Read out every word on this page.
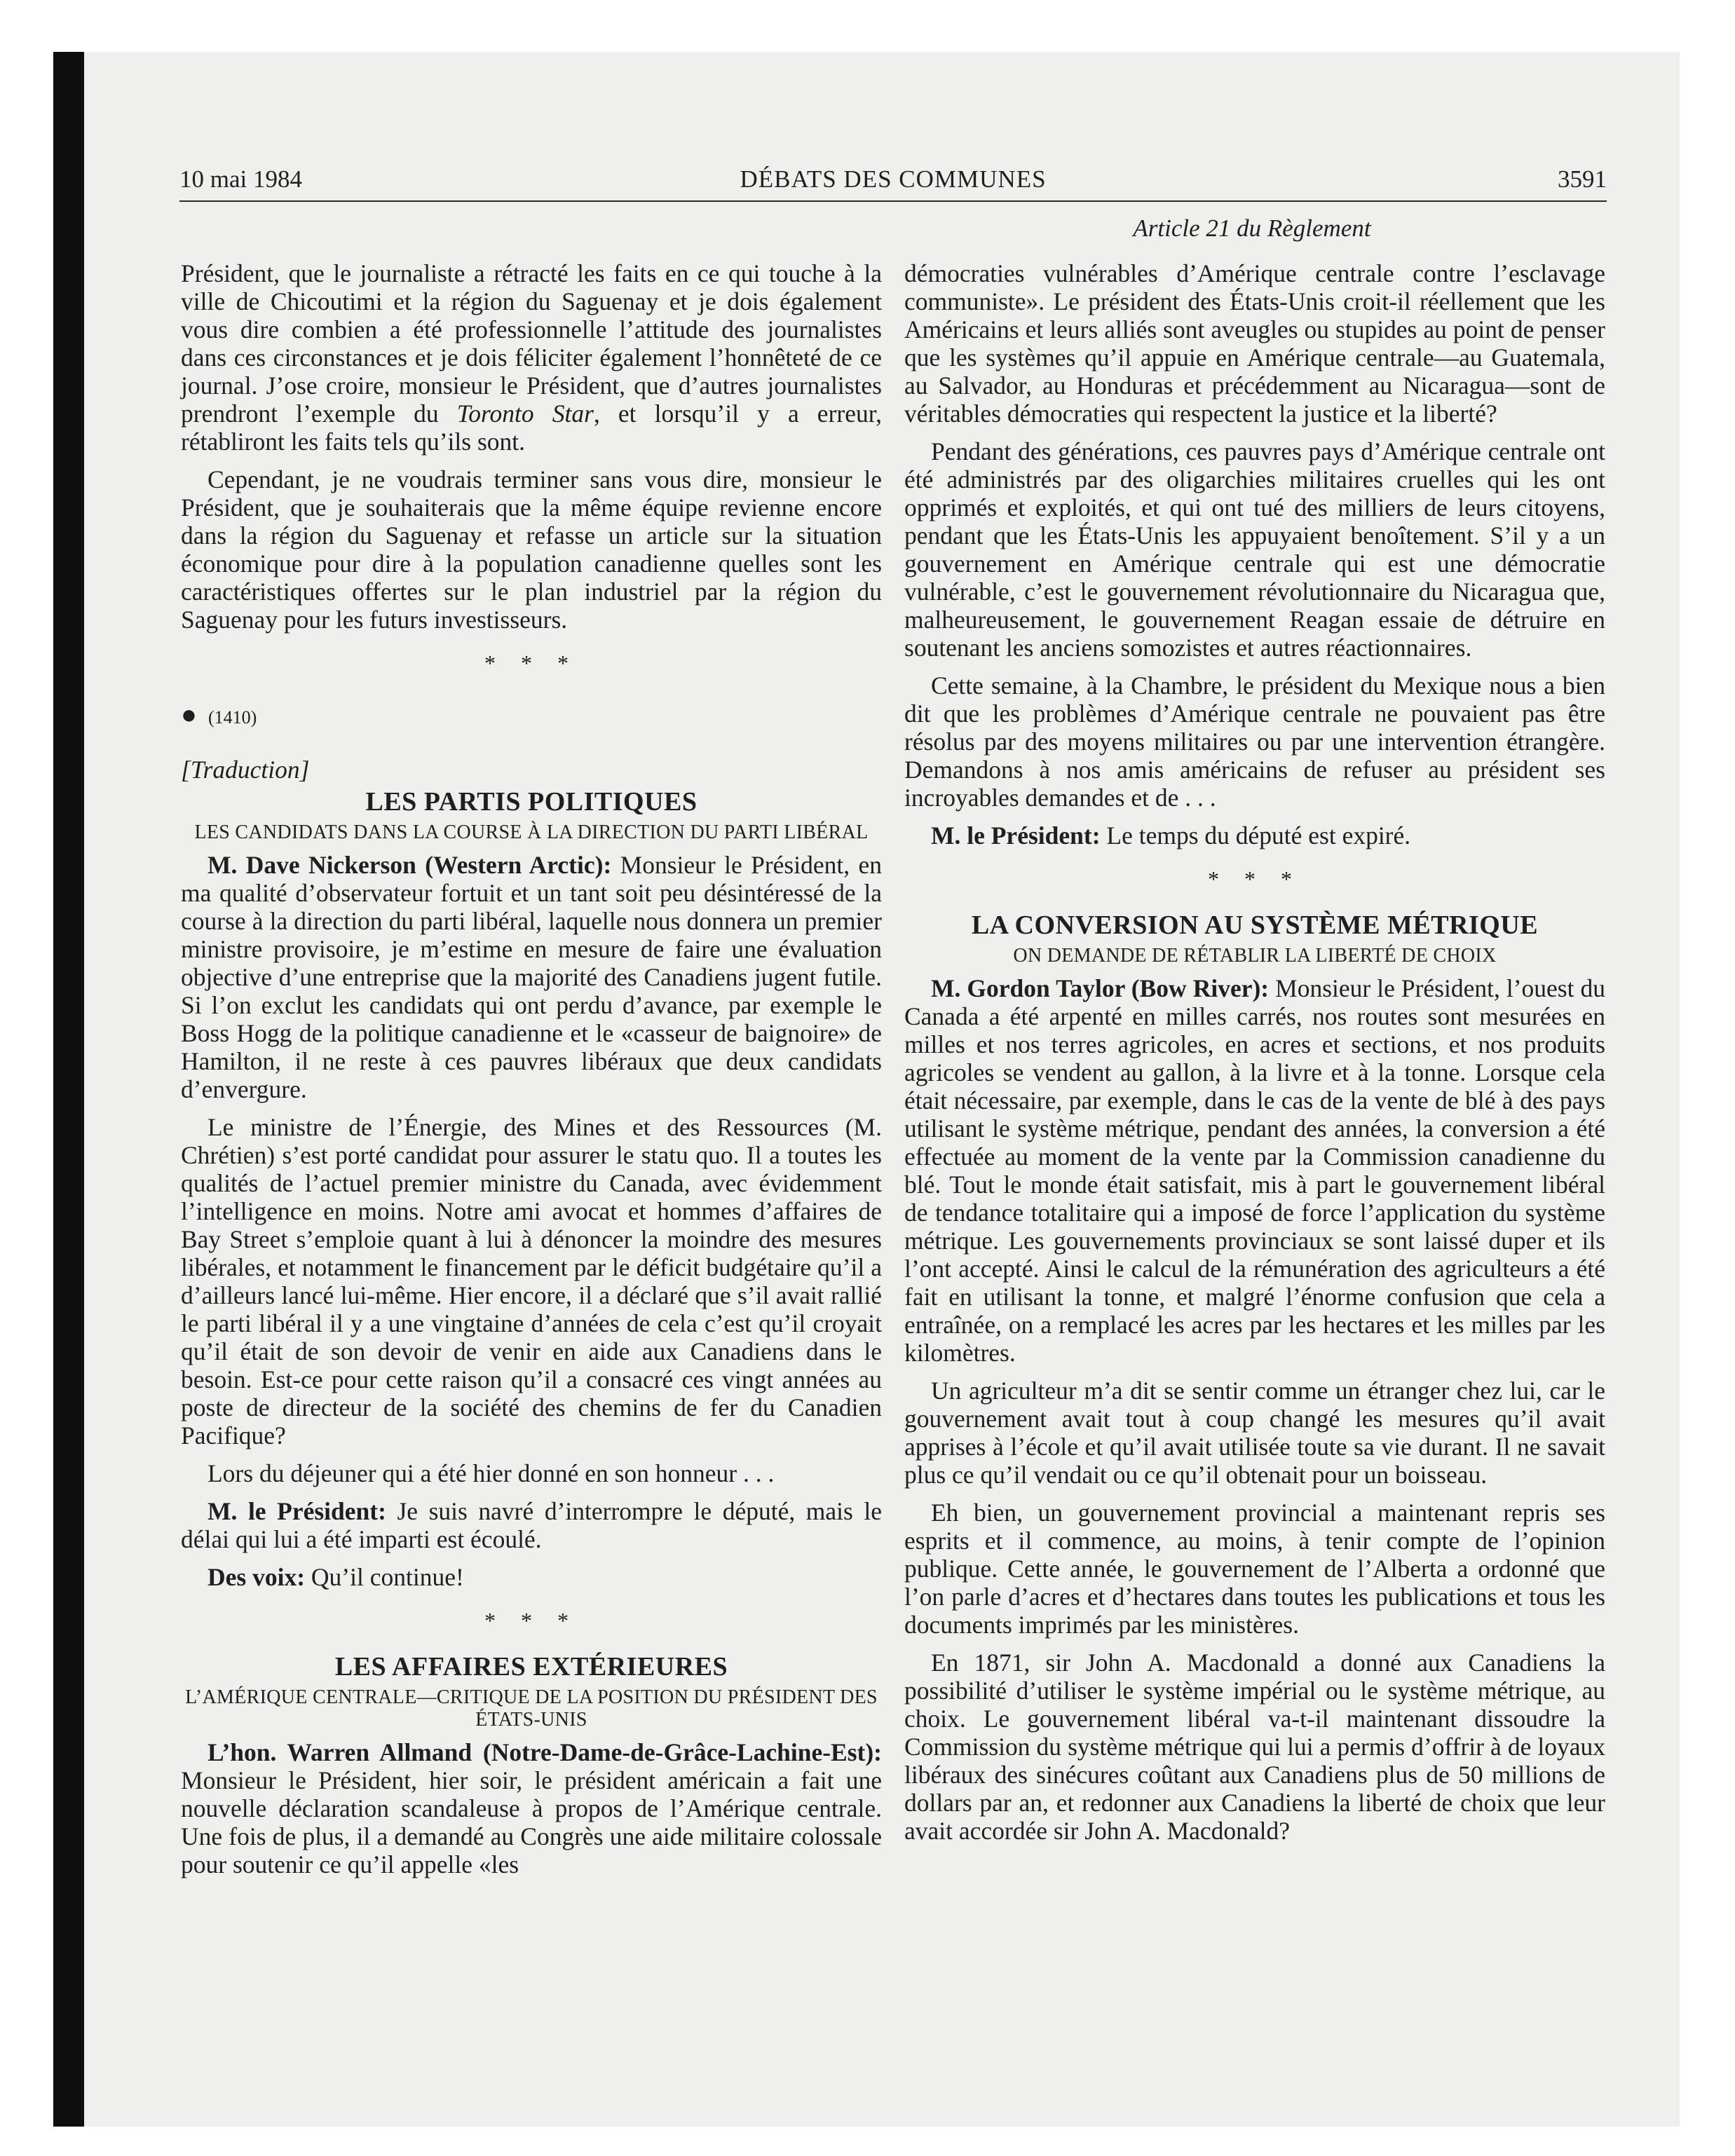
10 mai 1984	DÉBATS DES COMMUNES	3591
Article 21 du Règlement

Président, que le journaliste a rétracté les faits en ce qui touche à la ville de Chicoutimi et la région du Saguenay et je dois également vous dire combien a été professionnelle l’attitude des journalistes dans ces circonstances et je dois féliciter également l’honnêteté de ce journal. J’ose croire, monsieur le Président, que d’autres journalistes prendront l’exemple du Toronto Star, et lorsqu’il y a erreur, rétabliront les faits tels qu’ils sont.

Cependant, je ne voudrais terminer sans vous dire, monsieur le Président, que je souhaiterais que la même équipe revienne encore dans la région du Saguenay et refasse un article sur la situation économique pour dire à la population canadienne quelles sont les caractéristiques offertes sur le plan industriel par la région du Saguenay pour les futurs investisseurs.

* * *
● (1410)
[Traduction]
LES PARTIS POLITIQUES
LES CANDIDATS DANS LA COURSE À LA DIRECTION DU PARTI LIBÉRAL

M. Dave Nickerson (Western Arctic): Monsieur le Président, en ma qualité d’observateur fortuit et un tant soit peu désintéressé de la course à la direction du parti libéral, laquelle nous donnera un premier ministre provisoire, je m’estime en mesure de faire une évaluation objective d’une entreprise que la majorité des Canadiens jugent futile. Si l’on exclut les candidats qui ont perdu d’avance, par exemple le Boss Hogg de la politique canadienne et le «casseur de baignoire» de Hamilton, il ne reste à ces pauvres libéraux que deux candidats d’envergure.

Le ministre de l’Énergie, des Mines et des Ressources (M. Chrétien) s’est porté candidat pour assurer le statu quo. Il a toutes les qualités de l’actuel premier ministre du Canada, avec évidemment l’intelligence en moins. Notre ami avocat et hommes d’affaires de Bay Street s’emploie quant à lui à dénoncer la moindre des mesures libérales, et notamment le financement par le déficit budgétaire qu’il a d’ailleurs lancé lui-même. Hier encore, il a déclaré que s’il avait rallié le parti libéral il y a une vingtaine d’années de cela c’est qu’il croyait qu’il était de son devoir de venir en aide aux Canadiens dans le besoin. Est-ce pour cette raison qu’il a consacré ces vingt années au poste de directeur de la société des chemins de fer du Canadien Pacifique?

Lors du déjeuner qui a été hier donné en son honneur . . .

M. le Président: Je suis navré d’interrompre le député, mais le délai qui lui a été imparti est écoulé.

Des voix: Qu’il continue!

* * *
LES AFFAIRES EXTÉRIEURES
L’AMÉRIQUE CENTRALE—CRITIQUE DE LA POSITION DU PRÉSIDENT DES ÉTATS-UNIS

L’hon. Warren Allmand (Notre-Dame-de-Grâce-Lachine-Est): Monsieur le Président, hier soir, le président américain a fait une nouvelle déclaration scandaleuse à propos de l’Amérique centrale. Une fois de plus, il a demandé au Congrès une aide militaire colossale pour soutenir ce qu’il appelle «les

démocraties vulnérables d’Amérique centrale contre l’esclavage communiste». Le président des États-Unis croit-il réellement que les Américains et leurs alliés sont aveugles ou stupides au point de penser que les systèmes qu’il appuie en Amérique centrale—au Guatemala, au Salvador, au Honduras et précédemment au Nicaragua—sont de véritables démocraties qui respectent la justice et la liberté?

Pendant des générations, ces pauvres pays d’Amérique centrale ont été administrés par des oligarchies militaires cruelles qui les ont opprimés et exploités, et qui ont tué des milliers de leurs citoyens, pendant que les États-Unis les appuyaient benoîtement. S’il y a un gouvernement en Amérique centrale qui est une démocratie vulnérable, c’est le gouvernement révolutionnaire du Nicaragua que, malheureusement, le gouvernement Reagan essaie de détruire en soutenant les anciens somozistes et autres réactionnaires.

Cette semaine, à la Chambre, le président du Mexique nous a bien dit que les problèmes d’Amérique centrale ne pouvaient pas être résolus par des moyens militaires ou par une intervention étrangère. Demandons à nos amis américains de refuser au président ses incroyables demandes et de . . .

M. le Président: Le temps du député est expiré.

* * *
LA CONVERSION AU SYSTÈME MÉTRIQUE
ON DEMANDE DE RÉTABLIR LA LIBERTÉ DE CHOIX

M. Gordon Taylor (Bow River): Monsieur le Président, l’ouest du Canada a été arpenté en milles carrés, nos routes sont mesurées en milles et nos terres agricoles, en acres et sections, et nos produits agricoles se vendent au gallon, à la livre et à la tonne. Lorsque cela était nécessaire, par exemple, dans le cas de la vente de blé à des pays utilisant le système métrique, pendant des années, la conversion a été effectuée au moment de la vente par la Commission canadienne du blé. Tout le monde était satisfait, mis à part le gouvernement libéral de tendance totalitaire qui a imposé de force l’application du système métrique. Les gouvernements provinciaux se sont laissé duper et ils l’ont accepté. Ainsi le calcul de la rémunération des agriculteurs a été fait en utilisant la tonne, et malgré l’énorme confusion que cela a entraînée, on a remplacé les acres par les hectares et les milles par les kilomètres.

Un agriculteur m’a dit se sentir comme un étranger chez lui, car le gouvernement avait tout à coup changé les mesures qu’il avait apprises à l’école et qu’il avait utilisée toute sa vie durant. Il ne savait plus ce qu’il vendait ou ce qu’il obtenait pour un boisseau.

Eh bien, un gouvernement provincial a maintenant repris ses esprits et il commence, au moins, à tenir compte de l’opinion publique. Cette année, le gouvernement de l’Alberta a ordonné que l’on parle d’acres et d’hectares dans toutes les publications et tous les documents imprimés par les ministères.

En 1871, sir John A. Macdonald a donné aux Canadiens la possibilité d’utiliser le système impérial ou le système métrique, au choix. Le gouvernement libéral va-t-il maintenant dissoudre la Commission du système métrique qui lui a permis d’offrir à de loyaux libéraux des sinécures coûtant aux Canadiens plus de 50 millions de dollars par an, et redonner aux Canadiens la liberté de choix que leur avait accordée sir John A. Macdonald?
